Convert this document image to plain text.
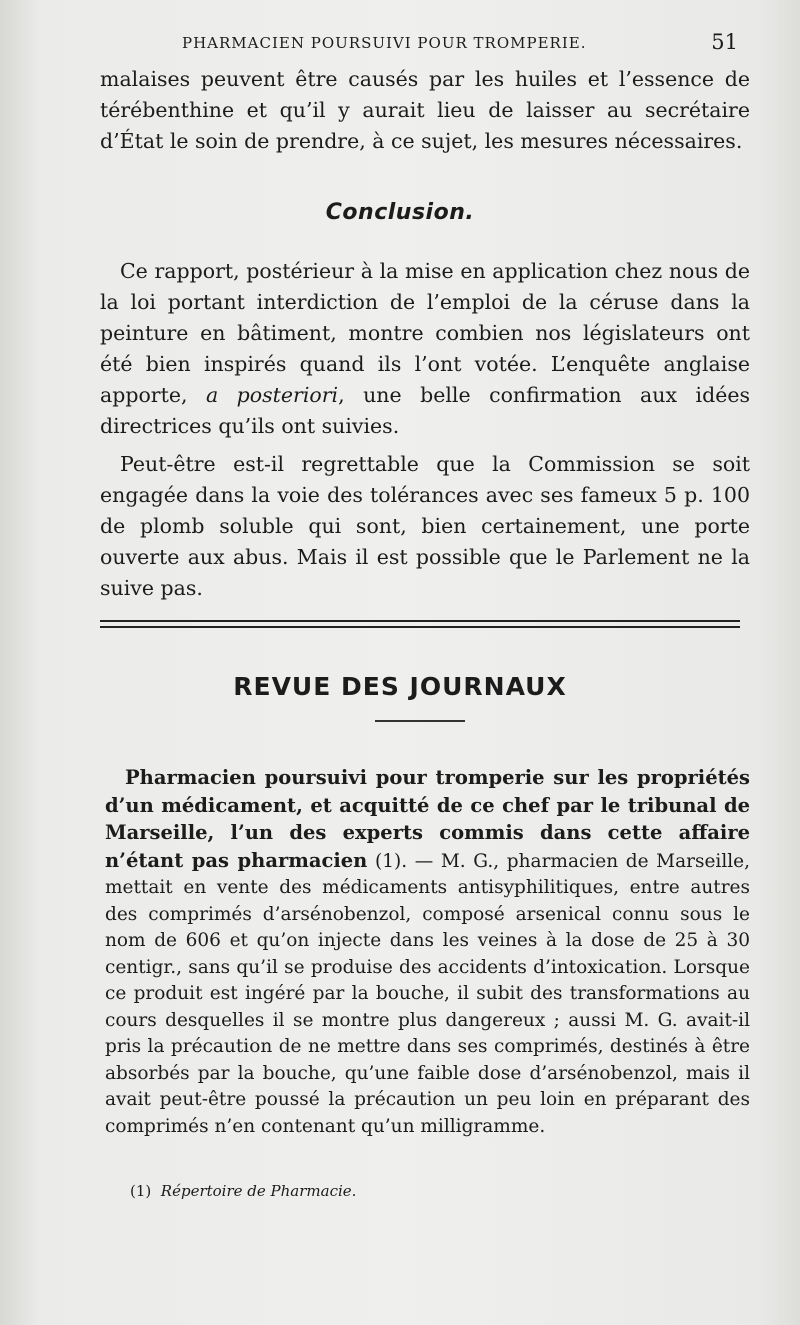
PHARMACIEN POURSUIVI POUR TROMPERIE.	51

malaises peuvent être causés par les huiles et l’essence de térébenthine et qu’il y aurait lieu de laisser au secrétaire d’État le soin de prendre, à ce sujet, les mesures nécessaires.

Conclusion.

Ce rapport, postérieur à la mise en application chez nous de la loi portant interdiction de l’emploi de la céruse dans la peinture en bâtiment, montre combien nos législateurs ont été bien inspirés quand ils l’ont votée. L’enquête anglaise apporte, a posteriori, une belle confirmation aux idées directrices qu’ils ont suivies.

Peut-être est-il regrettable que la Commission se soit engagée dans la voie des tolérances avec ses fameux 5 p. 100 de plomb soluble qui sont, bien certainement, une porte ouverte aux abus. Mais il est possible que le Parlement ne la suive pas.

REVUE DES JOURNAUX

Pharmacien poursuivi pour tromperie sur les propriétés d’un médicament, et acquitté de ce chef par le tribunal de Marseille, l’un des experts commis dans cette affaire n’étant pas pharmacien (1). — M. G., pharmacien de Marseille, mettait en vente des médicaments antisyphilitiques, entre autres des comprimés d’arsénobenzol, composé arsenical connu sous le nom de 606 et qu’on injecte dans les veines à la dose de 25 à 30 centigr., sans qu’il se produise des accidents d’intoxication. Lorsque ce produit est ingéré par la bouche, il subit des transformations au cours desquelles il se montre plus dangereux ; aussi M. G. avait-il pris la précaution de ne mettre dans ses comprimés, destinés à être absorbés par la bouche, qu’une faible dose d’arsénobenzol, mais il avait peut-être poussé la précaution un peu loin en préparant des comprimés n’en contenant qu’un milligramme.

(1) Répertoire de Pharmacie.
